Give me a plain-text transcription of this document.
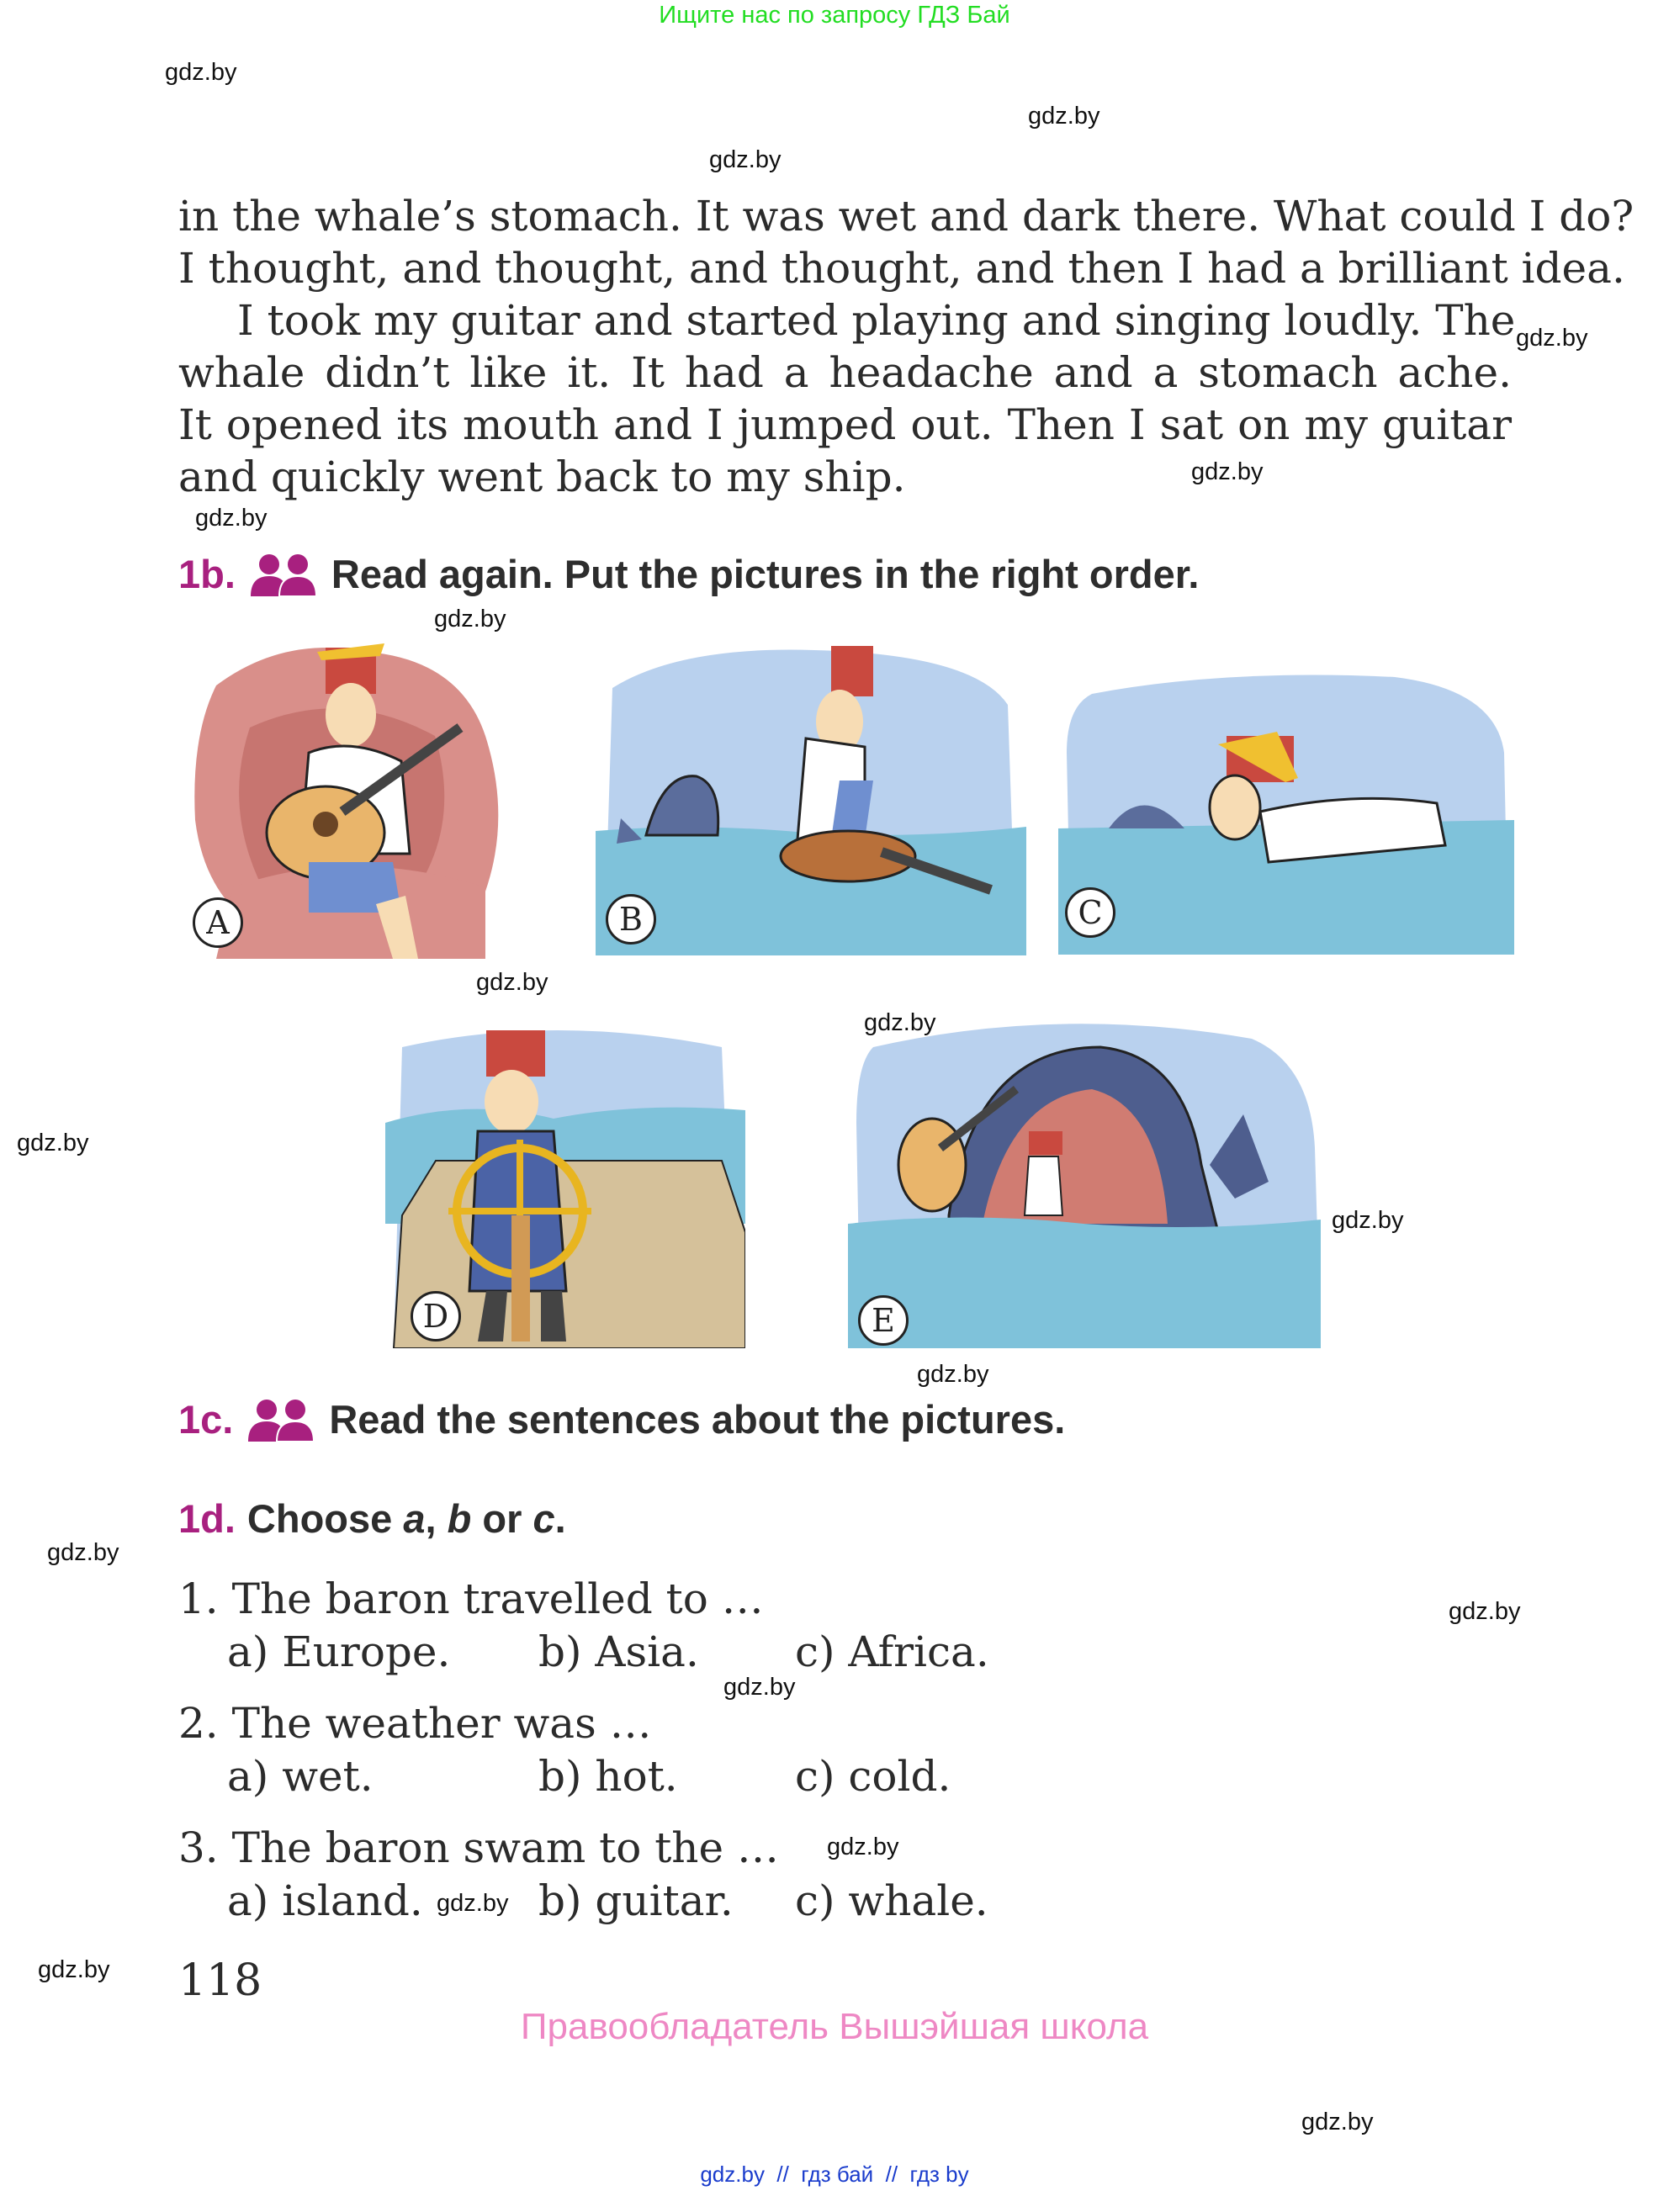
Ищите нас по запросу ГДЗ Бай
gdz.by
gdz.by
gdz.by
gdz.by
gdz.by
gdz.by
gdz.by
gdz.by
gdz.by
gdz.by
gdz.by
gdz.by
gdz.by
gdz.by
gdz.by
gdz.by
gdz.by
gdz.by
gdz.by
in the whale’s stomach. It was wet and dark there. What could I do?
I thought, and thought, and thought, and then I had a brilliant idea.
I took my guitar and started playing and singing loudly. The
whale didn’t like it. It had a headache and a stomach ache.
It opened its mouth and I jumped out. Then I sat on my guitar
and quickly went back to my ship.
1b. Read again. Put the pictures in the right order.
A	B	C
D	E
1c. Read the sentences about the pictures.
1d. Choose
a ,
b or c .
1. The baron travelled to …
a) Europe. b) Asia. c) Africa.
2. The weather was …
a) wet.	b) hot.	c) cold.
3. The baron swam to the …
a) island.	b) guitar. c) whale.
118
Правообладатель Вышэйшая школа
gdz.by  //  гдз бай  //  гдз by
